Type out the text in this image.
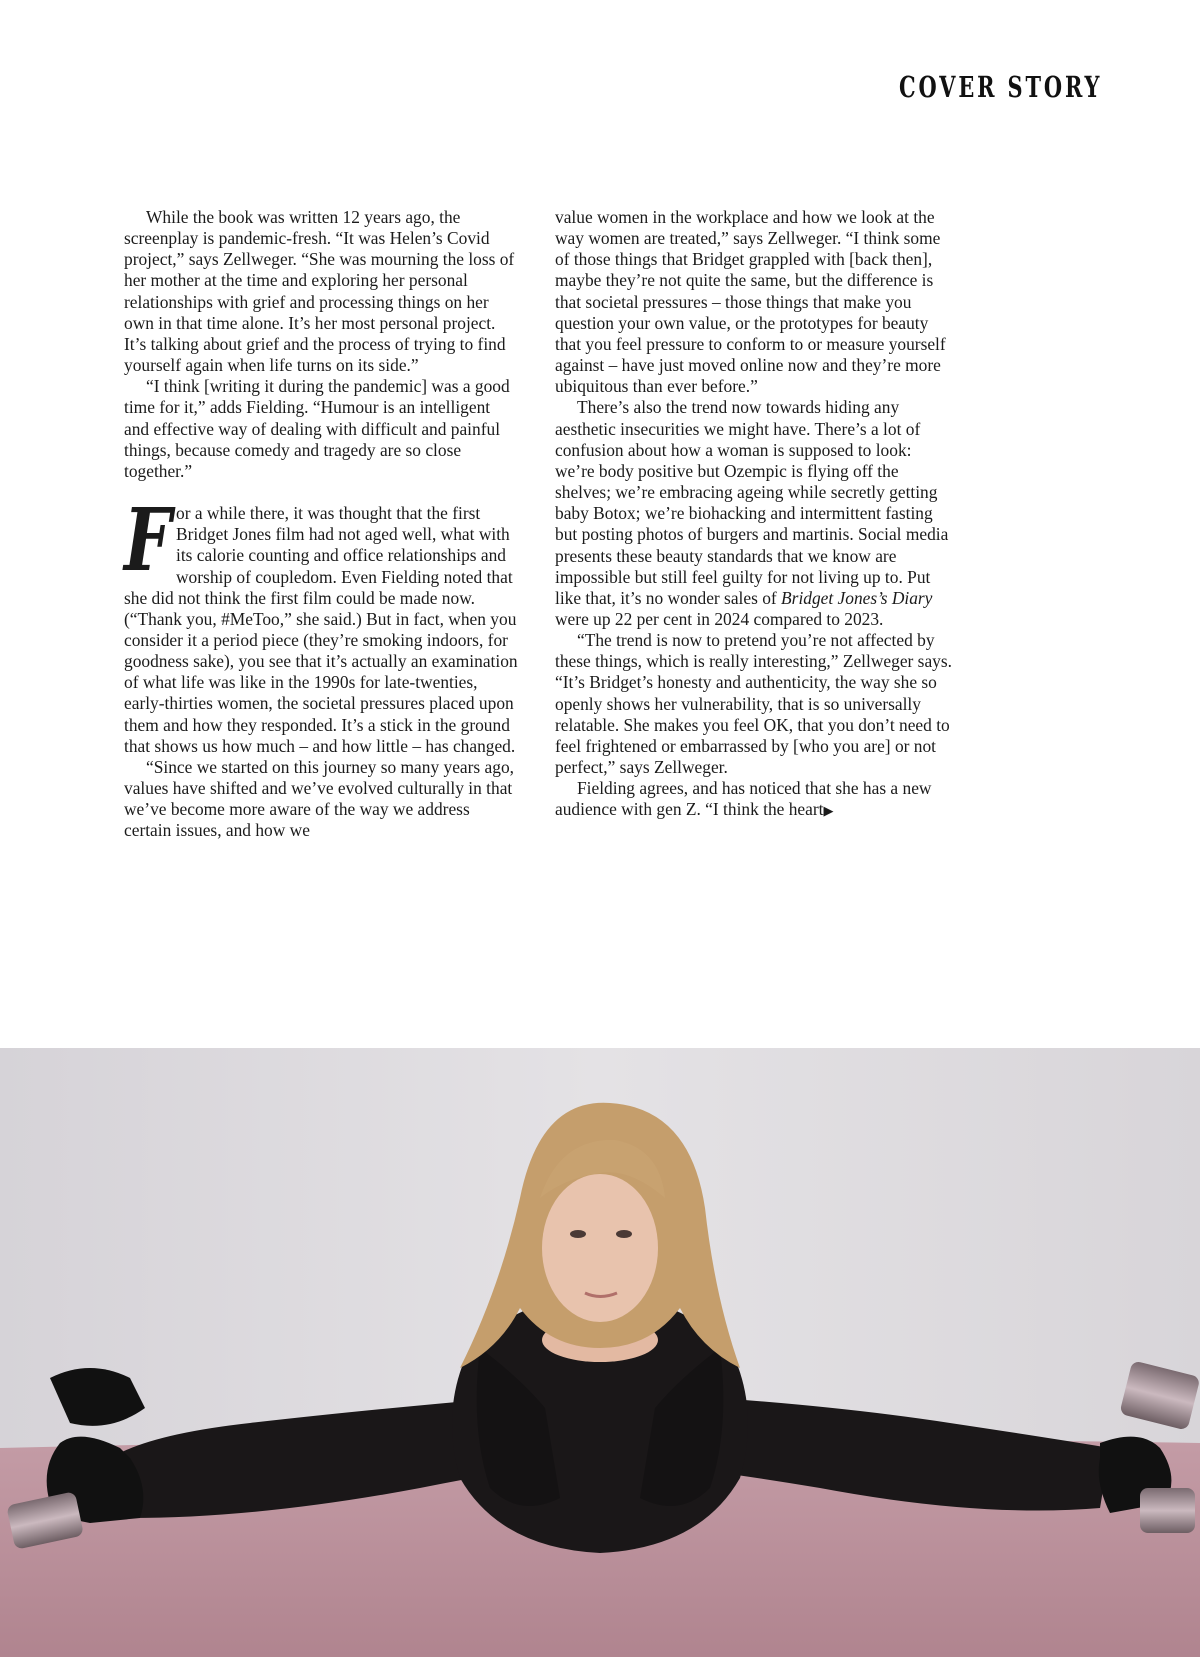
COVER STORY

While the book was written 12 years ago, the screenplay is pandemic-fresh. “It was Helen’s Covid project,” says Zellweger. “She was mourning the loss of her mother at the time and exploring her personal relationships with grief and processing things on her own in that time alone. It’s her most personal project. It’s talking about grief and the process of trying to find yourself again when life turns on its side.”

“I think [writing it during the pandemic] was a good time for it,” adds Fielding. “Humour is an intelligent and effective way of dealing with difficult and painful things, because comedy and tragedy are so close together.”

For a while there, it was thought that the first Bridget Jones film had not aged well, what with its calorie counting and office relationships and worship of coupledom. Even Fielding noted that she did not think the first film could be made now. (“Thank you, #MeToo,” she said.) But in fact, when you consider it a period piece (they’re smoking indoors, for goodness sake), you see that it’s actually an examination of what life was like in the 1990s for late-twenties, early-thirties women, the societal pressures placed upon them and how they responded. It’s a stick in the ground that shows us how much – and how little – has changed.

“Since we started on this journey so many years ago, values have shifted and we’ve evolved culturally in that we’ve become more aware of the way we address certain issues, and how we

value women in the workplace and how we look at the way women are treated,” says Zellweger. “I think some of those things that Bridget grappled with [back then], maybe they’re not quite the same, but the difference is that societal pressures – those things that make you question your own value, or the prototypes for beauty that you feel pressure to conform to or measure yourself against – have just moved online now and they’re more ubiquitous than ever before.”

There’s also the trend now towards hiding any aesthetic insecurities we might have. There’s a lot of confusion about how a woman is supposed to look: we’re body positive but Ozempic is flying off the shelves; we’re embracing ageing while secretly getting baby Botox; we’re biohacking and intermittent fasting but posting photos of burgers and martinis. Social media presents these beauty standards that we know are impossible but still feel guilty for not living up to. Put like that, it’s no wonder sales of Bridget Jones’s Diary were up 22 per cent in 2024 compared to 2023.

“The trend is now to pretend you’re not affected by these things, which is really interesting,” Zellweger says. “It’s Bridget’s honesty and authenticity, the way she so openly shows her vulnerability, that is so universally relatable. She makes you feel OK, that you don’t need to feel frightened or embarrassed by [who you are] or not perfect,” says Zellweger.

Fielding agrees, and has noticed that she has a new audience with gen Z. “I think the heart▶
